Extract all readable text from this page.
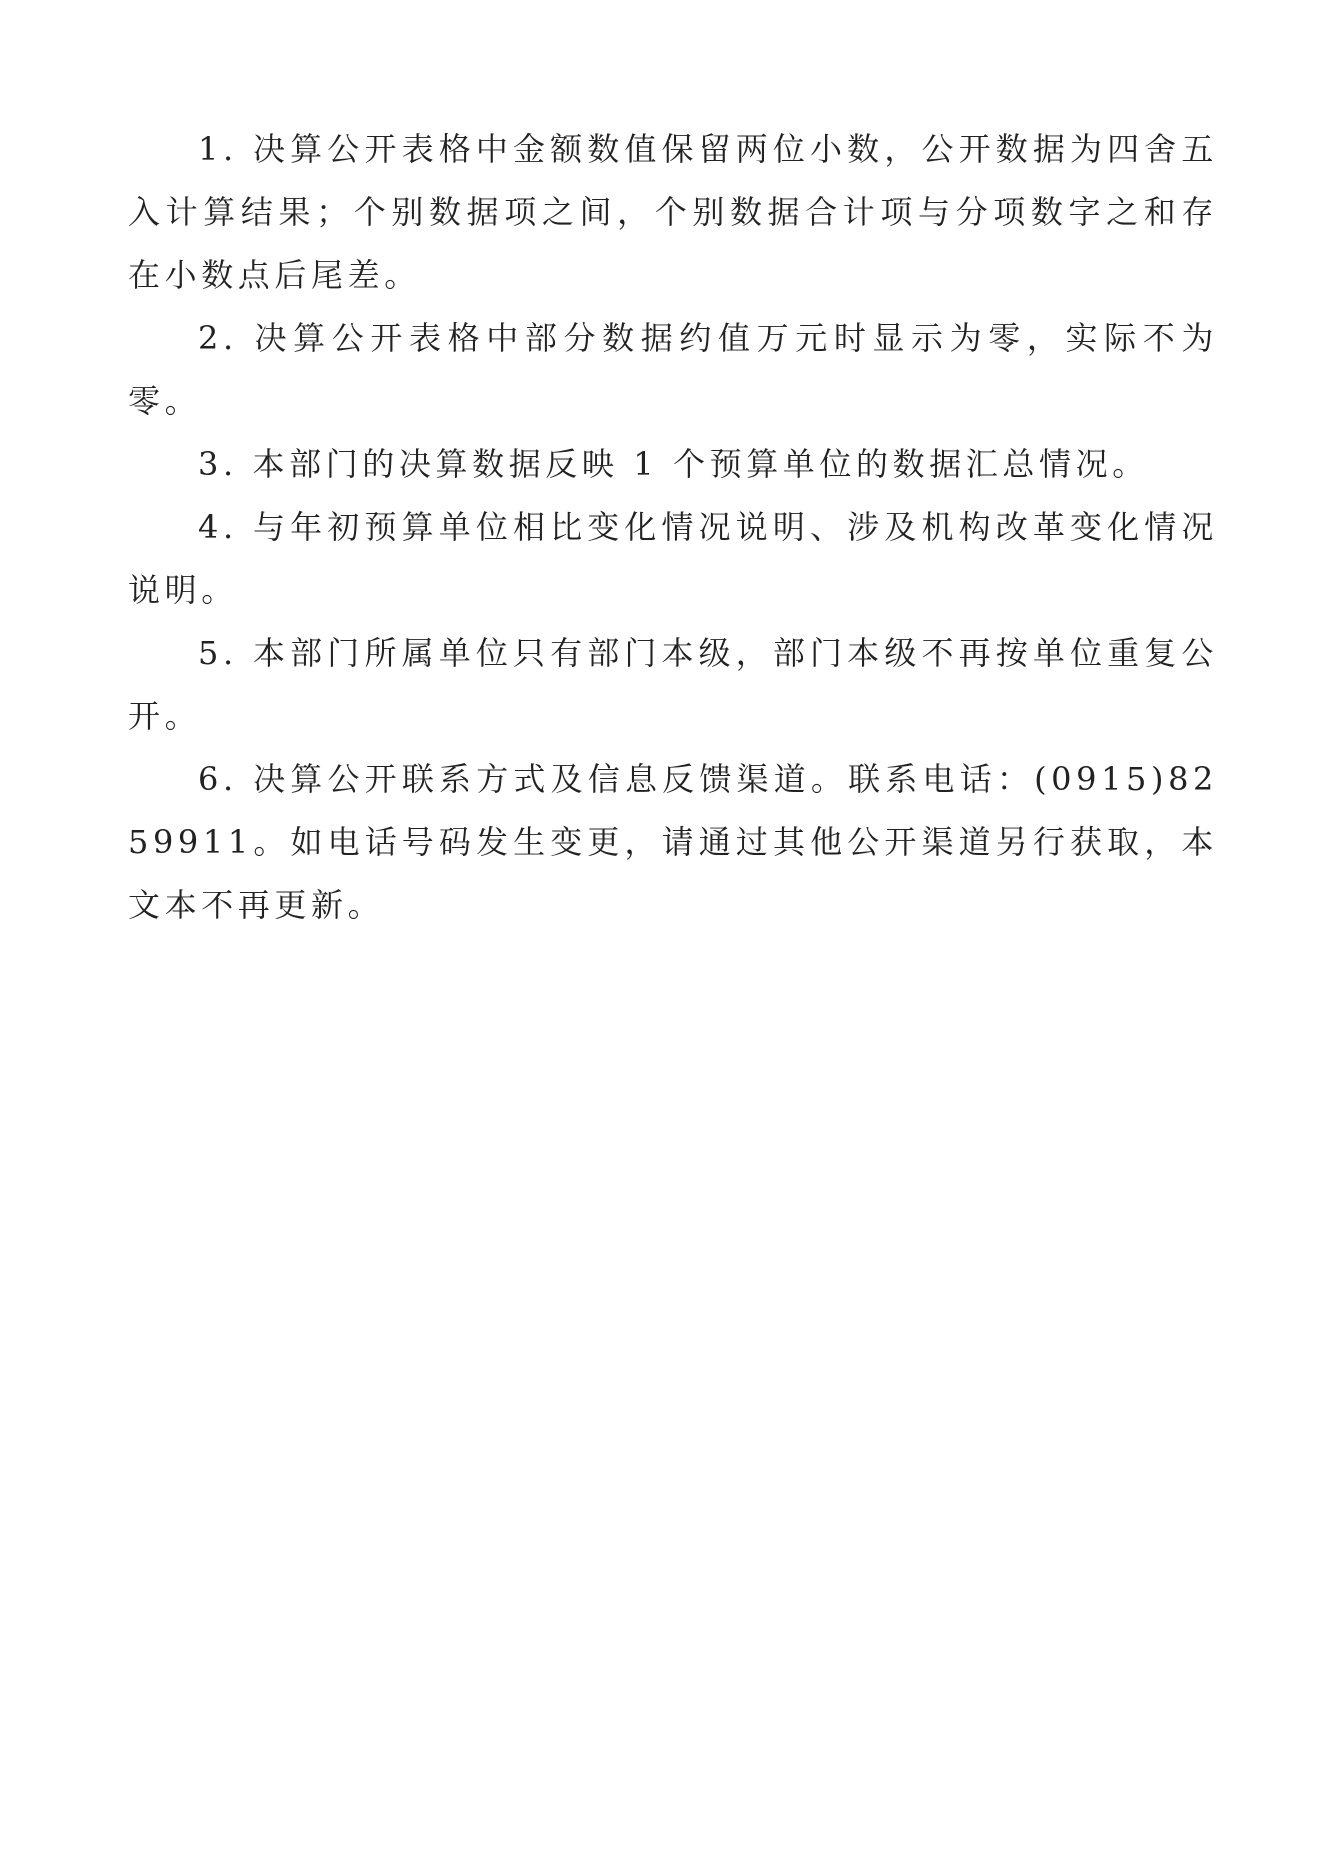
1. 决算公开表格中金额数值保留两位小数，公开数据为四舍五入计算结果；个别数据项之间，个别数据合计项与分项数字之和存在小数点后尾差。

2. 决算公开表格中部分数据约值万元时显示为零，实际不为零。

3. 本部门的决算数据反映 1 个预算单位的数据汇总情况。

4. 与年初预算单位相比变化情况说明、涉及机构改革变化情况说明。

5. 本部门所属单位只有部门本级，部门本级不再按单位重复公开。

6. 决算公开联系方式及信息反馈渠道。联系电话：(0915)8259911。如电话号码发生变更，请通过其他公开渠道另行获取，本文本不再更新。
